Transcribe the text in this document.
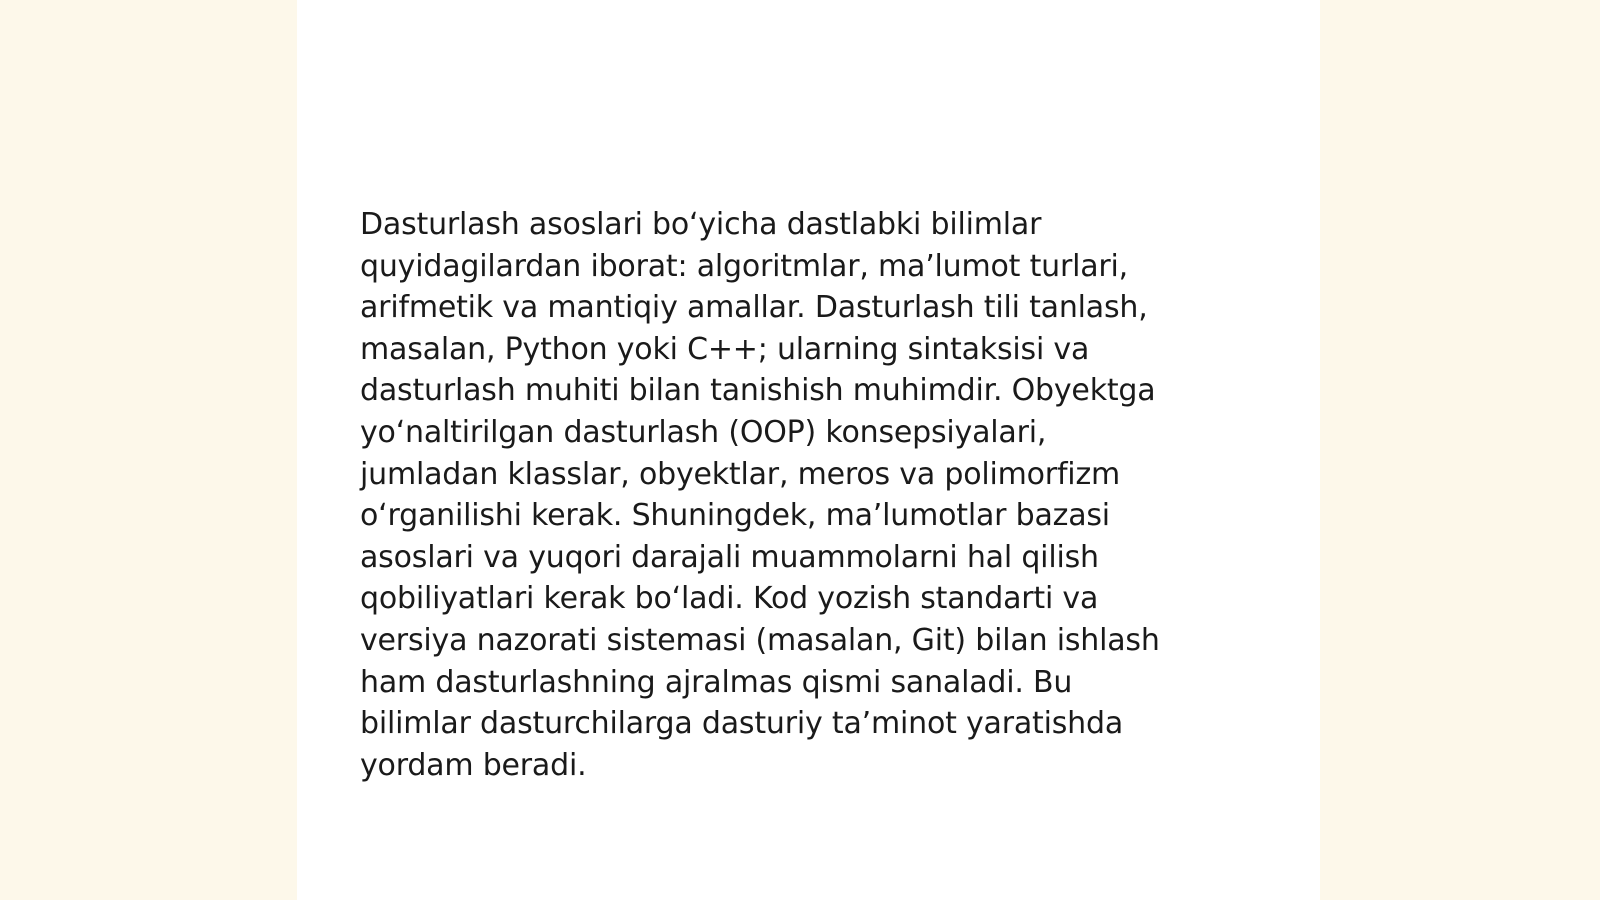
Dasturlash asoslari bo‘yicha dastlabki bilimlar
quyidagilardan iborat: algoritmlar, ma’lumot turlari,
arifmetik va mantiqiy amallar. Dasturlash tili tanlash,
masalan, Python yoki C++; ularning sintaksisi va
dasturlash muhiti bilan tanishish muhimdir. Obyektga
yo‘naltirilgan dasturlash (OOP) konsepsiyalari,
jumladan klasslar, obyektlar, meros va polimorfizm
o‘rganilishi kerak. Shuningdek, ma’lumotlar bazasi
asoslari va yuqori darajali muammolarni hal qilish
qobiliyatlari kerak bo‘ladi. Kod yozish standarti va
versiya nazorati sistemasi (masalan, Git) bilan ishlash
ham dasturlashning ajralmas qismi sanaladi. Bu
bilimlar dasturchilarga dasturiy ta’minot yaratishda
yordam beradi.
